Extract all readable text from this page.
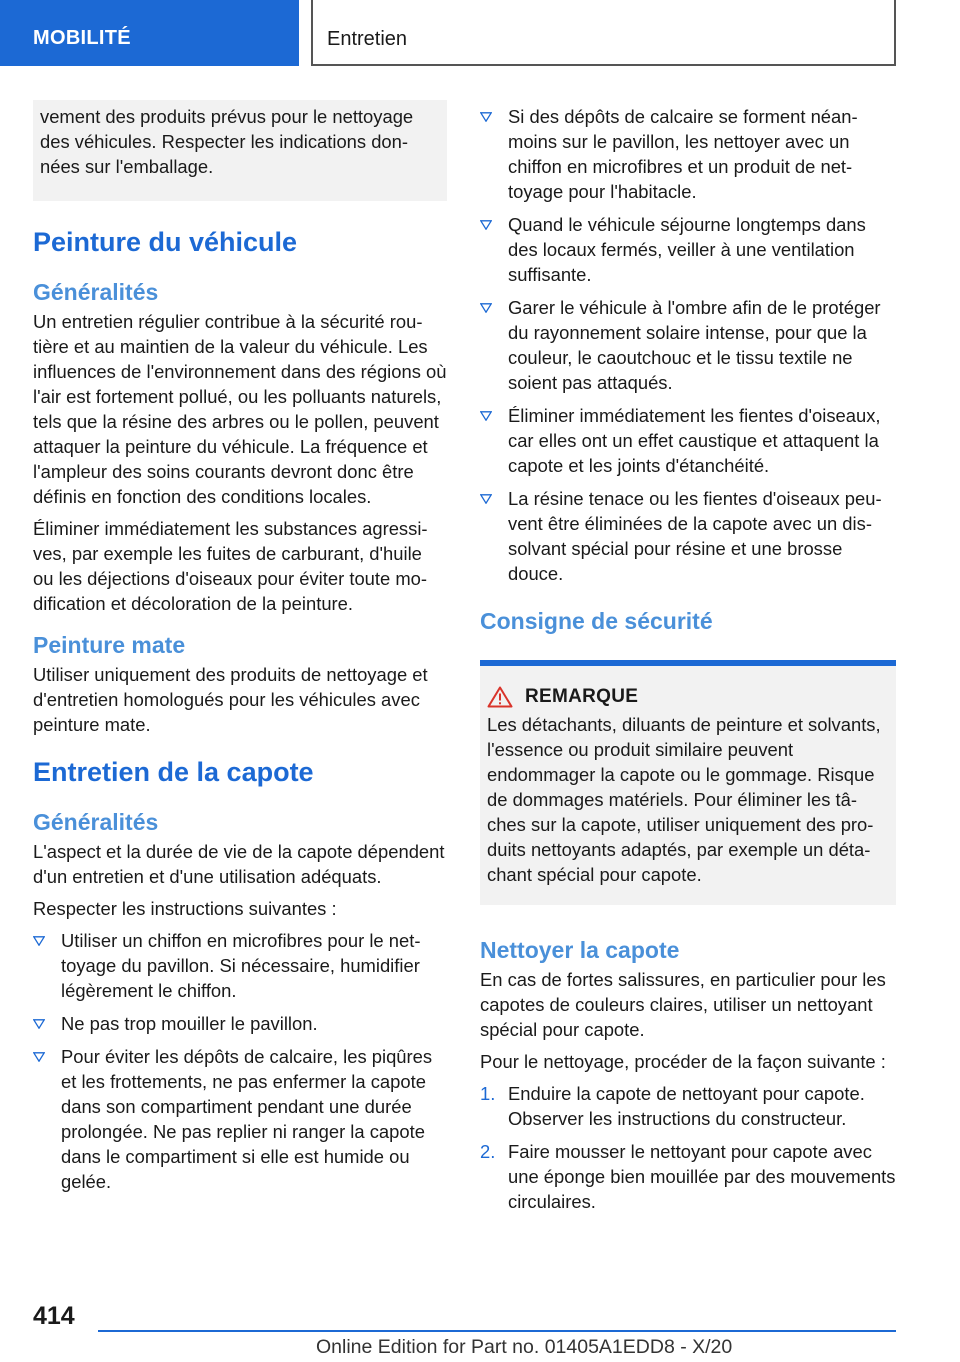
MOBILITÉ	Entretien

vement des produits prévus pour le nettoyage des véhicules. Respecter les indications données sur l'emballage.

Peinture du véhicule
Généralités

Un entretien régulier contribue à la sécurité routière et au maintien de la valeur du véhicule. Les influences de l'environnement dans des régions où l'air est fortement pollué, ou les polluants naturels, tels que la résine des arbres ou le pollen, peuvent attaquer la peinture du véhicule. La fréquence et l'ampleur des soins courants devront donc être définis en fonction des conditions locales.

Éliminer immédiatement les substances agressives, par exemple les fuites de carburant, d'huile ou les déjections d'oiseaux pour éviter toute modification et décoloration de la peinture.

Peinture mate

Utiliser uniquement des produits de nettoyage et d'entretien homologués pour les véhicules avec peinture mate.

Entretien de la capote
Généralités

L'aspect et la durée de vie de la capote dépendent d'un entretien et d'une utilisation adéquats.

Respecter les instructions suivantes :

Utiliser un chiffon en microfibres pour le nettoyage du pavillon. Si nécessaire, humidifier légèrement le chiffon.
Ne pas trop mouiller le pavillon.
Pour éviter les dépôts de calcaire, les piqûres et les frottements, ne pas enfermer la capote dans son compartiment pendant une durée prolongée. Ne pas replier ni ranger la capote dans le compartiment si elle est humide ou gelée.
Si des dépôts de calcaire se forment néanmoins sur le pavillon, les nettoyer avec un chiffon en microfibres et un produit de nettoyage pour l'habitacle.
Quand le véhicule séjourne longtemps dans des locaux fermés, veiller à une ventilation suffisante.
Garer le véhicule à l'ombre afin de le protéger du rayonnement solaire intense, pour que la couleur, le caoutchouc et le tissu textile ne soient pas attaqués.
Éliminer immédiatement les fientes d'oiseaux, car elles ont un effet caustique et attaquent la capote et les joints d'étanchéité.
La résine tenace ou les fientes d'oiseaux peuvent être éliminées de la capote avec un dissolvant spécial pour résine et une brosse douce.
Consigne de sécurité
REMARQUE

Les détachants, diluants de peinture et solvants, l'essence ou produit similaire peuvent endommager la capote ou le gommage. Risque de dommages matériels. Pour éliminer les tâches sur la capote, utiliser uniquement des produits nettoyants adaptés, par exemple un détachant spécial pour capote.

Nettoyer la capote

En cas de fortes salissures, en particulier pour les capotes de couleurs claires, utiliser un nettoyant spécial pour capote.

Pour le nettoyage, procéder de la façon suivante :

1. Enduire la capote de nettoyant pour capote. Observer les instructions du constructeur.
2. Faire mousser le nettoyant pour capote avec une éponge bien mouillée par des mouvements circulaires.
414
Online Edition for Part no. 01405A1EDD8 - X/20
